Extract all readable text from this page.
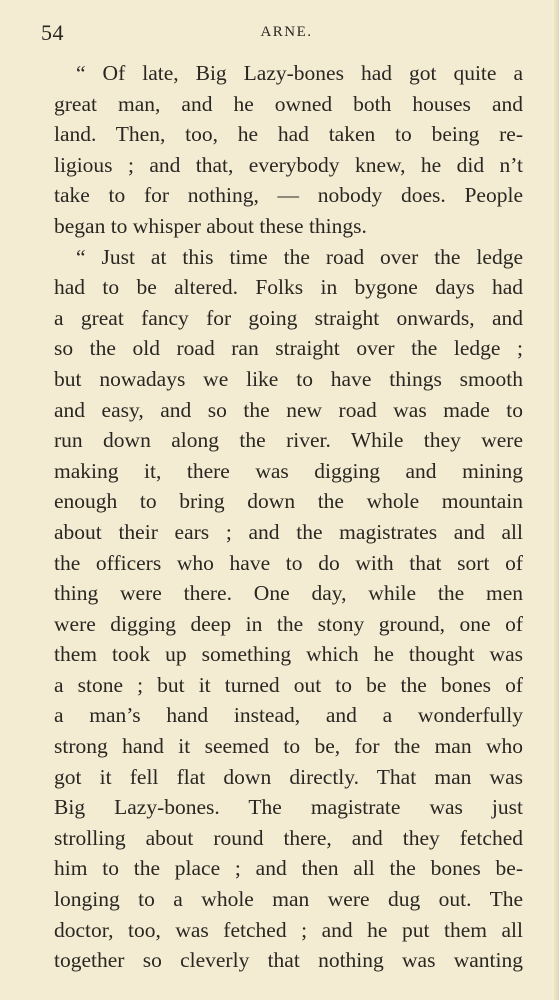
54	ARNE.
“ Of late, Big Lazy-bones had got quite a
great man, and he owned both houses and
land. Then, too, he had taken to being re-
ligious ; and that, everybody knew, he did n’t
take to for nothing, — nobody does. People
began to whisper about these things.
“ Just at this time the road over the ledge
had to be altered. Folks in bygone days had
a great fancy for going straight onwards, and
so the old road ran straight over the ledge ;
but nowadays we like to have things smooth
and easy, and so the new road was made to
run down along the river. While they were
making it, there was digging and mining
enough to bring down the whole mountain
about their ears ; and the magistrates and all
the officers who have to do with that sort of
thing were there. One day, while the men
were digging deep in the stony ground, one of
them took up something which he thought was
a stone ; but it turned out to be the bones of
a man’s hand instead, and a wonderfully
strong hand it seemed to be, for the man who
got it fell flat down directly. That man was
Big Lazy-bones. The magistrate was just
strolling about round there, and they fetched
him to the place ; and then all the bones be-
longing to a whole man were dug out. The
doctor, too, was fetched ; and he put them all
together so cleverly that nothing was wanting
